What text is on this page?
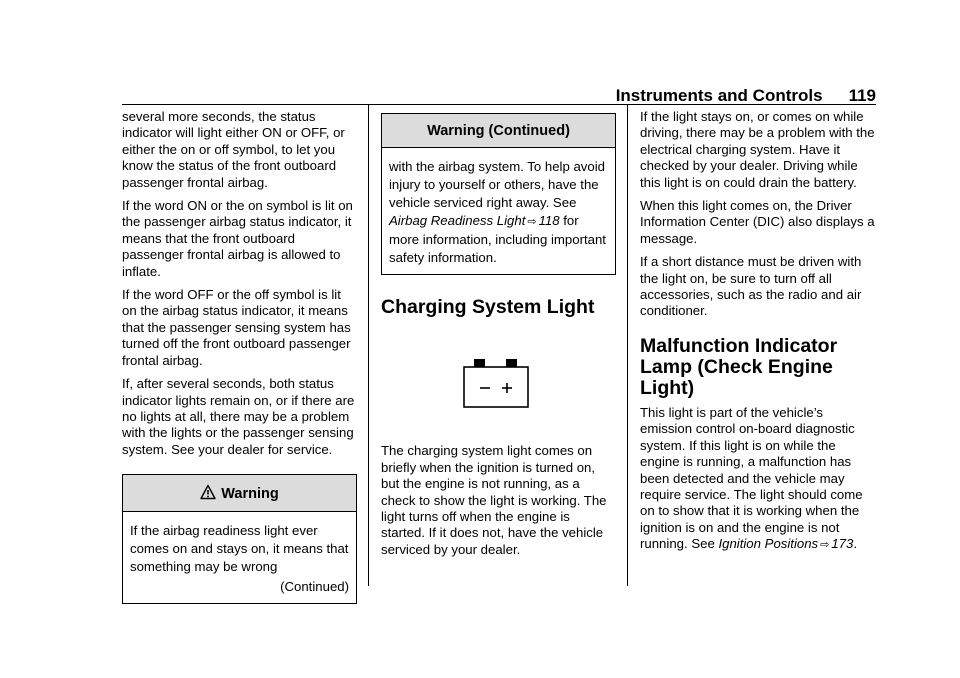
Instruments and Controls 119

several more seconds, the status indicator will light either ON or OFF, or either the on or off symbol, to let you know the status of the front outboard passenger frontal airbag.

If the word ON or the on symbol is lit on the passenger airbag status indicator, it means that the front outboard passenger frontal airbag is allowed to inflate.

If the word OFF or the off symbol is lit on the airbag status indicator, it means that the passenger sensing system has turned off the front outboard passenger frontal airbag.

If, after several seconds, both status indicator lights remain on, or if there are no lights at all, there may be a problem with the lights or the passenger sensing system. See your dealer for service.

Warning

If the airbag readiness light ever comes on and stays on, it means that something may be wrong

(Continued)
Warning (Continued)

with the airbag system. To help avoid injury to yourself or others, have the vehicle serviced right away. See Airbag Readiness Light ⇨ 118 for more information, including important safety information.

Charging System Light

The charging system light comes on briefly when the ignition is turned on, but the engine is not running, as a check to show the light is working. The light turns off when the engine is started. If it does not, have the vehicle serviced by your dealer.

If the light stays on, or comes on while driving, there may be a problem with the electrical charging system. Have it checked by your dealer. Driving while this light is on could drain the battery.

When this light comes on, the Driver Information Center (DIC) also displays a message.

If a short distance must be driven with the light on, be sure to turn off all accessories, such as the radio and air conditioner.

Malfunction Indicator Lamp (Check Engine Light)

This light is part of the vehicle’s emission control on-board diagnostic system. If this light is on while the engine is running, a malfunction has been detected and the vehicle may require service. The light should come on to show that it is working when the ignition is on and the engine is not running. See Ignition Positions ⇨ 173.
